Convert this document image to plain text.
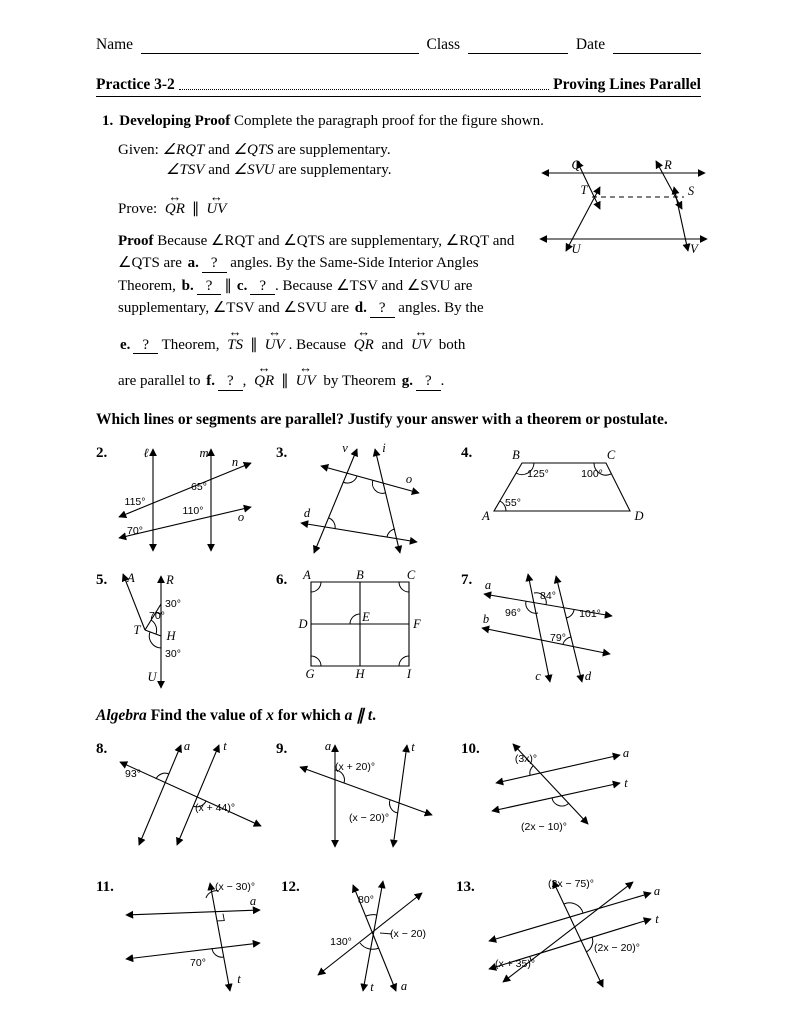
Name	Class	Date
Practice 3-2	Proving Lines Parallel
1. Developing Proof Complete the paragraph proof for the figure shown.
Given: ∠RQT and ∠QTS are supplementary.
∠TSV and ∠SVU are supplementary.
Prove:
↔
QR ∥
↔
UV
Proof Because ∠RQT and ∠QTS are supplementary, ∠RQT and
∠QTS are a. ? angles. By the Same-Side Interior Angles
Theorem, b. ? ∥ c. ? . Because ∠TSV and ∠SVU are
supplementary, ∠TSV and ∠SVU are d. ? angles. By the
e. ? Theorem,
↔
TS ∥
↔
UV . Because
↔
QR and
↔
UV both
are parallel to f. ? ,
↔
QR ∥
↔
UV by Theorem g. ? .
Q	R
T	S
U	V
Which lines or segments are parallel? Justify your answer with a theorem or postulate.
2.	ℓ	m
n
o
65°
115°
110°
70°
3.	v	i
o
d
4.	B	C
A	D
125°	100°
55°
5. A	R
T H
U
30°
70°
30°
6. A	B	C
D	E	F
G	H	I
7. a
b
c	d
84°
96°	101°
79°
Algebra Find the value of x for which a ∥ t.
8.	a	t
93°
(x + 44)°
9.	a	t
(x + 20)°
(x − 20)°
10.	a
t
(3x)°
(2x − 10)°
11.
a
t
(x − 30)°
70°
12.
t a
80°
130°
(x − 20)
13.	a
t
(2x − 75)°
(2x − 20)°
(x + 35)°
